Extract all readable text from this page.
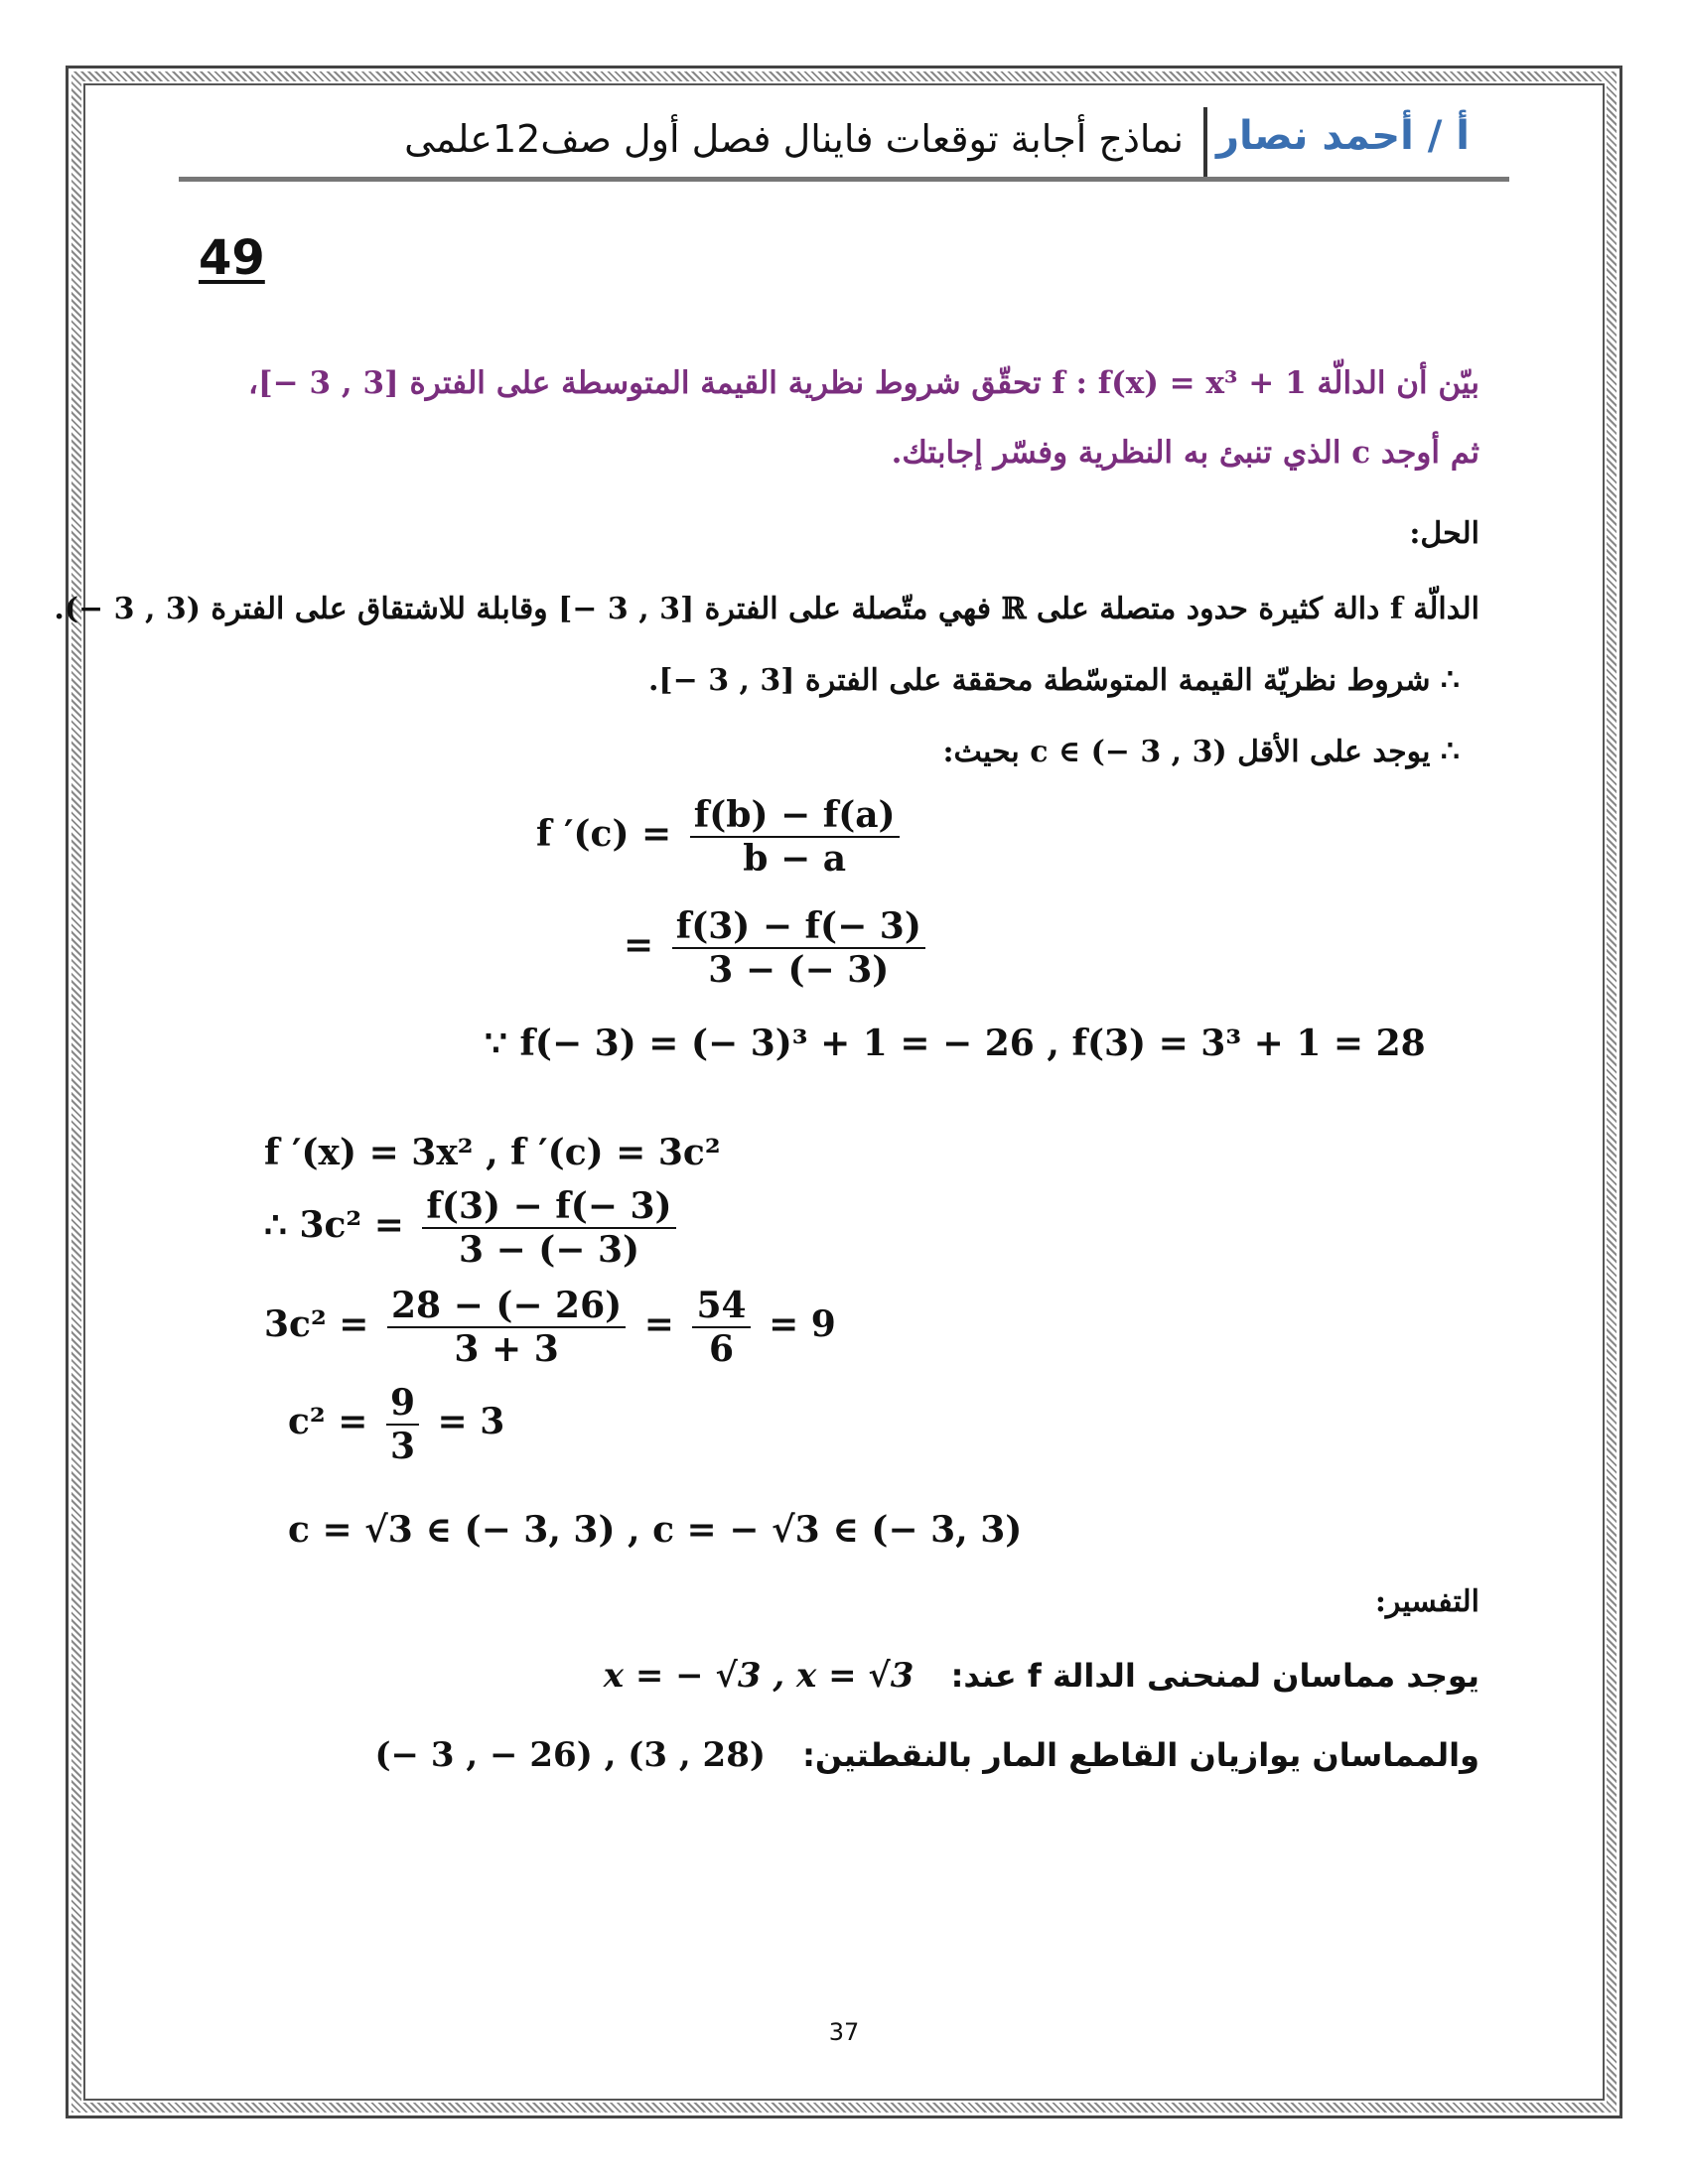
أ / أحمد نصار
نماذج أجابة توقعات فاينال فصل أول صف12علمى
49
بيّن أن الدالّة f : f(x) = x³ + 1 تحقّق شروط نظرية القيمة المتوسطة على الفترة [3 , 3 −]،
ثم أوجد c الذي تنبئ به النظرية وفسّر إجابتك.
الحل:
الدالّة f دالة كثيرة حدود متصلة على ℝ فهي متّصلة على الفترة [3 , 3 −] وقابلة للاشتقاق على الفترة (3 , 3 −).
∴ شروط نظريّة القيمة المتوسّطة محققة على الفترة [3 , 3 −].
∴ يوجد على الأقل (3 , 3 −) ∋ c بحيث:
f $'(c) = \frac{f(b) - f(a)}{b - a}$
= $\frac{f(3) - f(- 3)}{3 - (- 3)}$
∵ f(− 3) = (− 3)³ + 1 = − 26 , f(3) = 3³ + 1 = 28
f ′(x) = 3x² , f ′(c) = 3c²
∴ $3c^2 = \frac{f(3) - f(- 3)}{3 - (- 3)}$
$3c^2 = \frac{28 - (- 26)}{3 + 3} = \frac{54}{6} = 9$
$c^2 = \frac{9}{3} = 3$
c = √3 ∈ (− 3, 3) , c = − √3 ∈ (− 3, 3)
التفسير:
يوجد مماسان لمنحنى الدالة f عند: x = − √3 , x = √3
والمماسان يوازيان القاطع المار بالنقطتين: (− 3 , − 26) , (3 , 28)
37
